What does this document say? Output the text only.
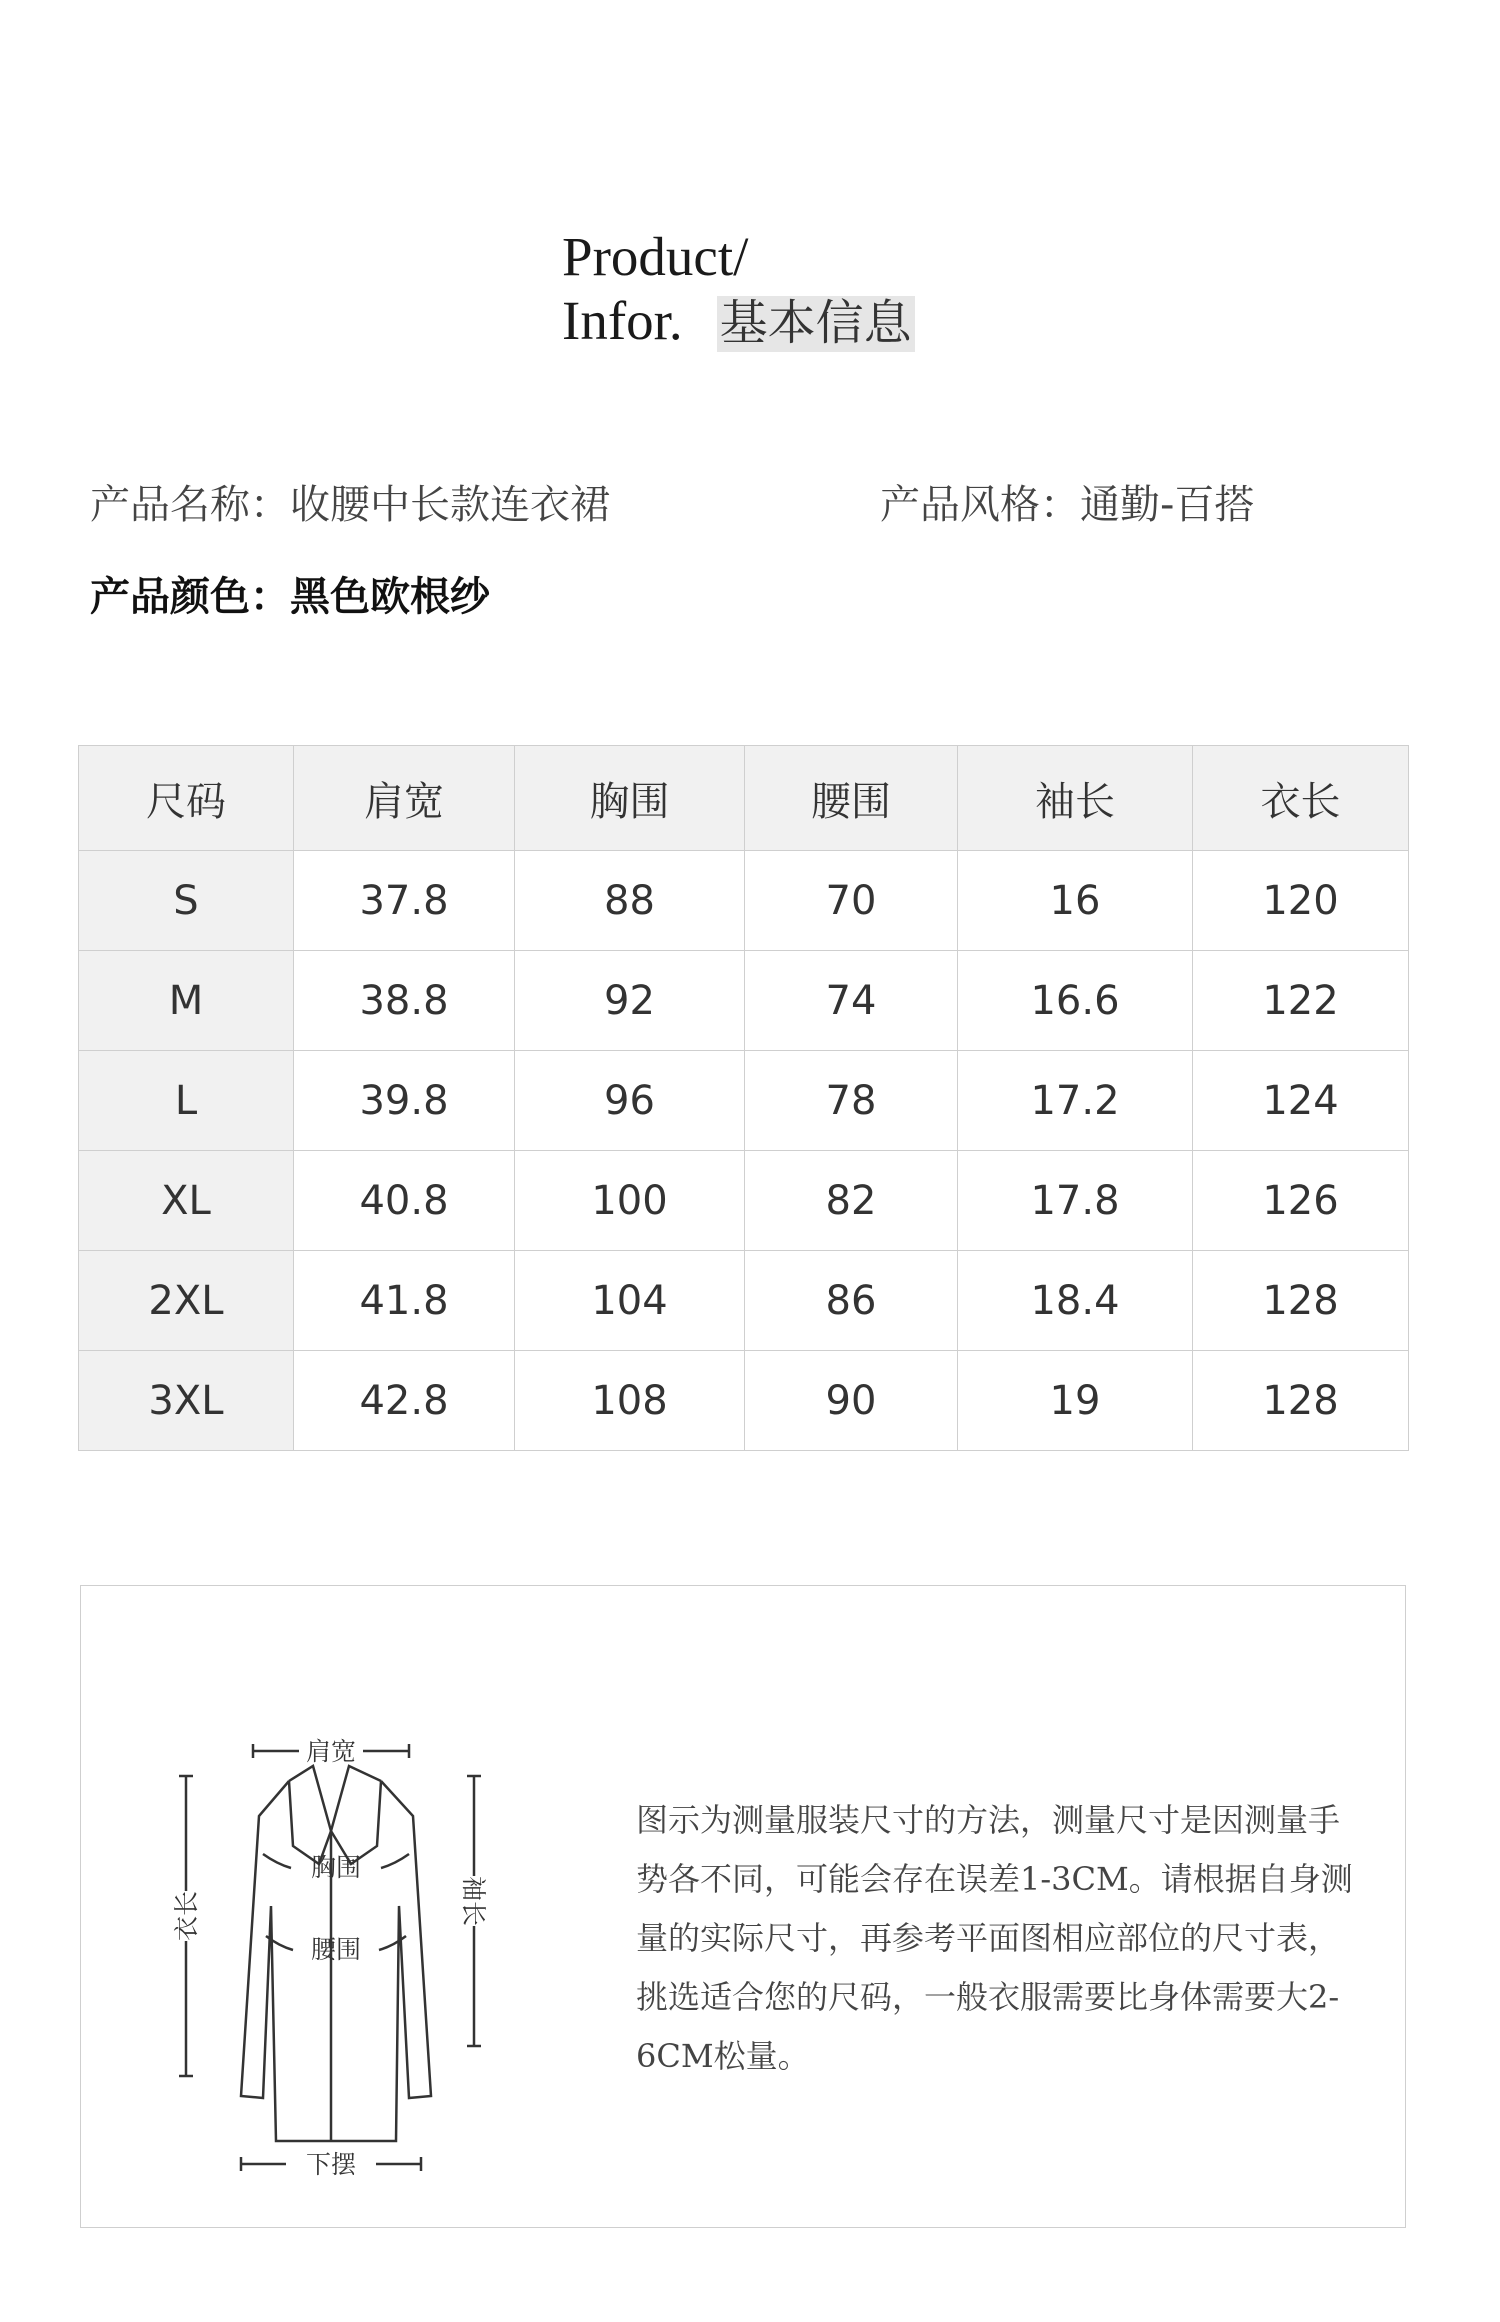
Product/
Infor. 基本信息
产品名称：收腰中长款连衣裙	产品风格：通勤-百搭
产品颜色：黑色欧根纱
尺码	肩宽	胸围	腰围	袖长	衣长
S	37.8	88	70	16	120
M	38.8	92	74	16.6	122
L	39.8	96	78	17.2	124
XL	40.8	100	82	17.8	126
2XL	41.8	104	86	18.4	128
3XL	42.8	108	90	19	128
肩宽
胸围
腰围
下摆
衣长	袖长
图示为测量服装尺寸的方法，测量尺寸是因测量手势各不同，可能会存在误差1-3CM。请根据自身测量的实际尺寸，再参考平面图相应部位的尺寸表，挑选适合您的尺码，一般衣服需要比身体需要大2-6CM松量。
